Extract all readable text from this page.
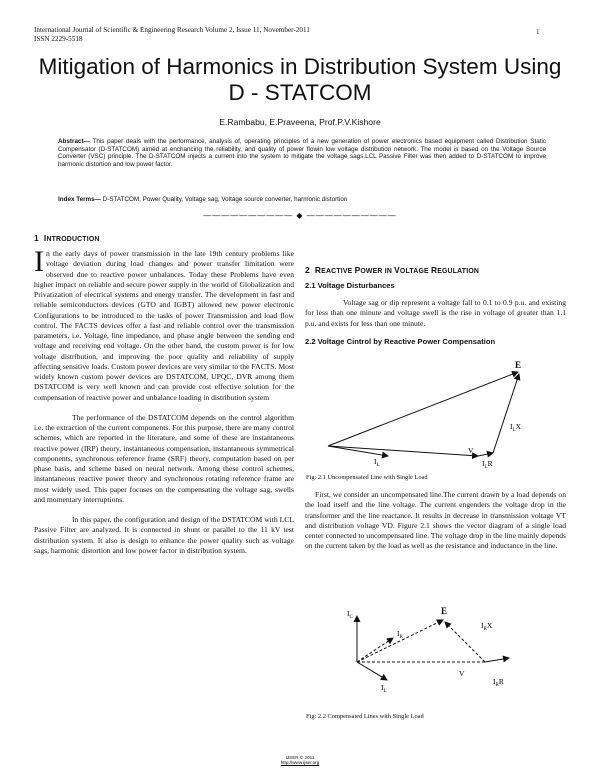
International Journal of Scientific & Engineering Research Volume 2, Issue 11, November-2011
ISSN 2229-5518
1
Mitigation of Harmonics in Distribution System Using D - STATCOM
E.Rambabu, E.Praveena, Prof.P.V.Kishore
Abstract— This paper deals with the performance, analysis of, operating principles of a new generation of power electronics based equipment called Distribution Static Compensator (D-STATCOM) aimed at enchancing the reliability, and quality of power flowin low voltage distribution network. The model is based on the Voltage Source Converter (VSC) principle. The D-STATCOM injects a current into the system to mitigate the voltage sags.LCL Passive Filter was then added to D-STATCOM to improve harmonic distortion and low power factor.
Index Terms— D-STATCOM, Power Quality, Voltage sag, Voltage source converter, harmonic distortion
—————————— ◆ ——————————
1 INTRODUCTION
In the early days of power transmission in the late 19th century problems like voltage deviation during load changes and power transfer limitation were observed due to reactive power unbalances. Today these Problems have even higher impact on reliable and secure power supply in the world of Globalization and Privatization of electrical systems and energy transfer. The development in fast and reliable semiconductors devices (GTO and IGBT) allowed new power electronic Configurations to be introduced to the tasks of power Transmission and load flow control. The FACTS devices offer a fast and reliable control over the transmission parameters, i.e. Voltage, line impedance, and phase angle between the sending end voltage and receiving end voltage. On the other hand, the custom power is for low voltage distribution, and improving the poor quality and reliability of supply affecting sensitive loads. Custom power devices are very similar to the FACTS. Most widely known custom power devices are DSTATCOM, UPQC, DVR among them DSTATCOM is very well known and can provide cost effective solution for the compensation of reactive power and unbalance loading in distribution system
The performance of the DSTATCOM depends on the control algorithm i.e. the extraction of the current components. For this purpose, there are many control schemes, which are reported in the literature, and some of these are instantaneous reactive power (IRP) theory, instantaneous compensation, instantaneous symmetrical components, synchronous reference frame (SRF) theory, computation based on per phase basis, and scheme based on neural network. Among these control schemes, instantaneous reactive power theory and synchronous rotating reference frame are most widely used. This paper focuses on the compensating the voltage sag, swells and momentary interruptions.
In this paper, the configuration and design of the DSTATCOM with LCL Passive Filter are analyzed. It is connected in shunt or parallel to the 11 kV test distribution system. It also is design to enhance the power quality such as voltage sags, harmonic distortion and low power factor in distribution system.
2 REACTIVE POWER IN VOLTAGE REGULATION
2.1 Voltage Disturbances
Voltage sag or dip represent a voltage fall to 0.1 to 0.9 p.u. and existing for less than one minute and voltage swell is the rise in voltage of greater than 1.1 p.u. and exists for less than one minute.
2.2 Voltage Cintrol by Reactive Power Compensation
E
$I_LX$
$I_L$
V
$I_LR$
Fig: 2.1 Uncompensated Line with Single Load
First, we consider an uncompensated line.The current drawn by a load depends on the load itself and the line voltage. The current engenders the voltage drop in the transformer and the line reactance. It results in decrease in transmission voltage VT and distribution voltage VD. Figure 2.1 shows the vector diagram of a single load center connected to uncompensated line. The voltage drop in the line mainly depends on the current taken by the load as well as the resistance and inductance in the line.
$I_C$
$I_R$
E
$I_RX$
$I_L$
V
$I_RR$
Fig: 2.2 Compensated Lines with Single Load
IJSER © 2011
http://www.ijser.org
